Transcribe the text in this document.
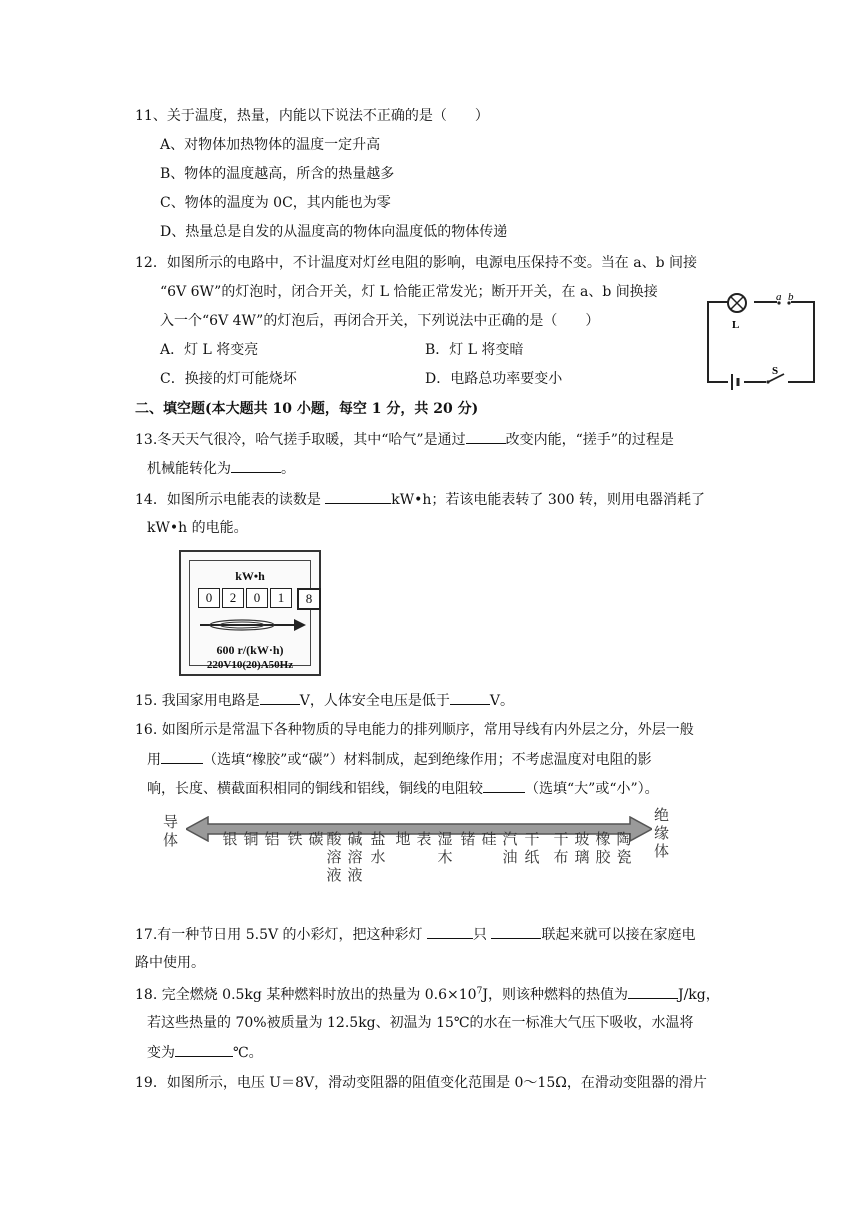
11、关于温度，热量，内能以下说法不正确的是（　　）
A、对物体加热物体的温度一定升高
B、物体的温度越高，所含的热量越多
C、物体的温度为 0C，其内能也为零
D、热量总是自发的从温度高的物体向温度低的物体传递
12．如图所示的电路中，不计温度对灯丝电阻的影响，电源电压保持不变。当在 a、b 间接
“6V 6W”的灯泡时，闭合开关，灯 L 恰能正常发光；断开开关，在 a、b 间换接
入一个“6V 4W”的灯泡后，再闭合开关，下列说法中正确的是（　　）
A．灯 L 将变亮	B．灯 L 将变暗
C．换接的灯可能烧坏	D．电路总功率要变小
a b
L
S
二、填空题(本大题共 10 小题，每空 1 分，共 20 分)
13.冬天天气很冷，哈气搓手取暖，其中“哈气”是通过	改变内能，“搓手”的过程是
机械能转化为	。
14．如图所示电能表的读数是	kW•h；若该电能表转了 300 转，则用电器消耗了
kW•h 的电能。
kW•h
0	2	0	1	8
600 r/(kW·h)
220V10(20)A50Hz
15. 我国家用电路是	V，人体安全电压是低于	V。
16. 如图所示是常温下各种物质的导电能力的排列顺序，常用导线有内外层之分，外层一般
用	（选填“橡胶”或“碳”）材料制成，起到绝缘作用；不考虑温度对电阻的影
响，长度、横截面积相同的铜线和铝线，铜线的电阻较	（选填“大”或“小”）。
导
体
绝
缘
体
银 铜 铝 铁 碳 酸
溶
液
碱
溶
液
盐
水
地 表 湿
木
锗 硅 汽
油
干
纸
干
布
玻
璃
橡
胶
陶
瓷
17.有一种节日用 5.5V 的小彩灯，把这种彩灯	只	联起来就可以接在家庭电
路中使用。
18. 完全燃烧 0.5kg 某种燃料时放出的热量为 $0.6\times 10^7J$，则该种燃料的热值为	J/kg，
若这些热量的 70%被质量为 12.5kg、初温为 15℃的水在一标准大气压下吸收，水温将
变为	℃。
19．如图所示，电压 U＝8V，滑动变阻器的阻值变化范围是 0～15Ω，在滑动变阻器的滑片
